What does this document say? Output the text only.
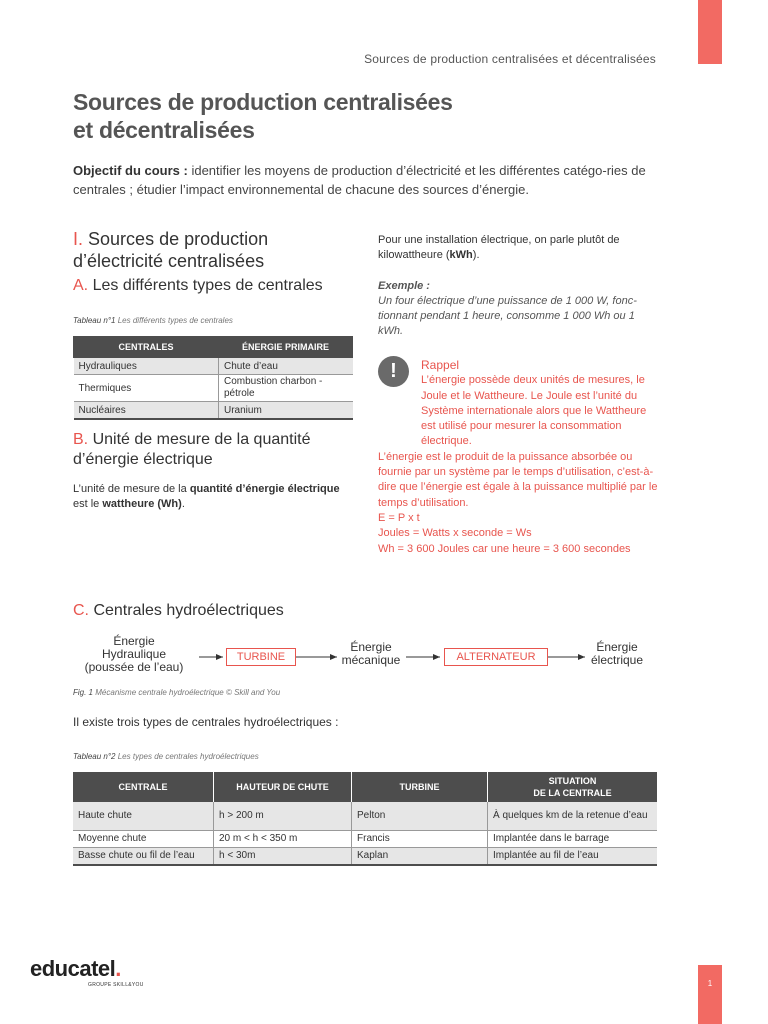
Sources de production centralisées et décentralisées
Sources de production centralisées
et décentralisées
Objectif du cours : identifier les moyens de production d’électricité et les différentes catégo-ries de centrales ; étudier l’impact environnemental de chacune des sources d’énergie.
I. Sources de production
d’électricité centralisées
A. Les différents types de centrales
Tableau n°1 Les différents types de centrales
CENTRALES	ÉNERGIE PRIMAIRE
Hydrauliques	Chute d’eau
Thermiques	Combustion charbon - pétrole
Nucléaires	Uranium
B. Unité de mesure de la quantité
d’énergie électrique
L’unité de mesure de la quantité d’énergie électrique
est le wattheure (Wh).
Pour une installation électrique, on parle plutôt de kilowattheure (kWh).
Exemple :
Un four électrique d’une puissance de 1 000 W, fonc-tionnant pendant 1 heure, consomme 1 000 Wh ou 1 kWh.
!	Rappel
L’énergie possède deux unités de mesures, le Joule et le Wattheure. Le Joule est l’unité du Système internationale alors que le Wattheure est utilisé pour mesurer la consommation électrique.
L’énergie est le produit de la puissance absorbée ou fournie par un système par le temps d’utilisation, c’est-à-dire que l’énergie est égale à la puissance multiplié par le temps d’utilisation.
E = P x t
Joules = Watts x seconde = Ws
Wh = 3 600 Joules car une heure = 3 600 secondes
C. Centrales hydroélectriques
Énergie
Hydraulique
(poussée de l’eau)
TURBINE
Énergie
mécanique	ALTERNATEUR
Énergie
électrique
Fig. 1 Mécanisme centrale hydroélectrique © Skill and You
Il existe trois types de centrales hydroélectriques :
Tableau n°2 Les types de centrales hydroélectriques
CENTRALE	HAUTEUR DE CHUTE	TURBINE	SITUATION
DE LA CENTRALE

Haute chute	h > 200 m	Pelton	À quelques km de la retenue d’eau
Moyenne chute	20 m < h < 350 m	Francis	Implantée dans le barrage
Basse chute ou fil de l’eau	h < 30m	Kaplan	Implantée au fil de l’eau
educatel.
GROUPE SKILL&YOU	1
